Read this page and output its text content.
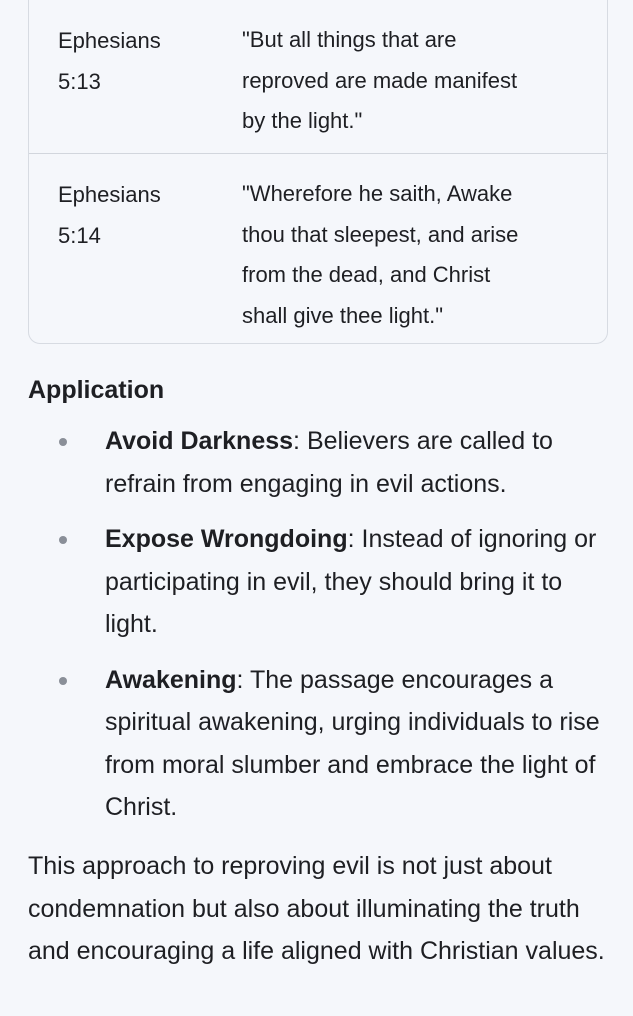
Ephesians
5:13
"But all things that are
reproved are made manifest
by the light."
Ephesians
5:14
"Wherefore he saith, Awake
thou that sleepest, and arise
from the dead, and Christ
shall give thee light."
Application
Avoid Darkness: Believers are called to refrain from engaging in evil actions.
Expose Wrongdoing: Instead of ignoring or participating in evil, they should bring it to light.
Awakening: The passage encourages a spiritual awakening, urging individuals to rise from moral slumber and embrace the light of Christ.

This approach to reproving evil is not just about condemnation but also about illuminating the truth and encouraging a life aligned with Christian values.
